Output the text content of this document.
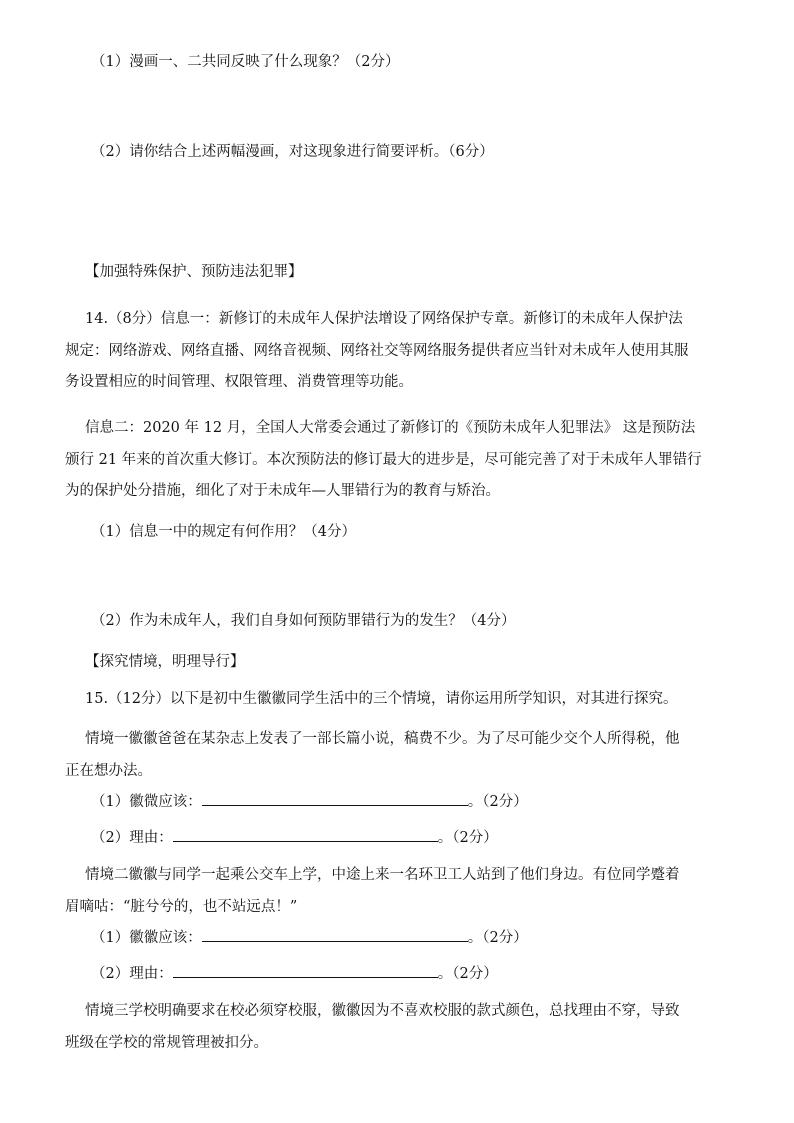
（1）漫画一、二共同反映了什么现象？（2分）
（2）请你结合上述两幅漫画，对这现象进行简要评析。（6分）
【加强特殊保护、预防违法犯罪】
14.（8分）信息一：新修订的未成年人保护法增设了网络保护专章。新修订的未成年人保护法
规定：网络游戏、网络直播、网络音视频、网络社交等网络服务提供者应当针对未成年人使用其服
务设置相应的时间管理、权限管理、消费管理等功能。
信息二：2020 年 12 月，全国人大常委会通过了新修订的《预防未成年人犯罪法》 这是预防法
颁行 21 年来的首次重大修订。本次预防法的修订最大的进步是，尽可能完善了对于未成年人罪错行
为的保护处分措施，细化了对于未成年—人罪错行为的教育与矫治。
（1）信息一中的规定有何作用？（4分）
（2）作为未成年人，我们自身如何预防罪错行为的发生？（4分）
【探究情境，明理导行】
15.（12分）以下是初中生徽徽同学生活中的三个情境，请你运用所学知识，对其进行探究。
情境一徽徽爸爸在某杂志上发表了一部长篇小说，稿费不少。为了尽可能少交个人所得税，他
正在想办法。
（1）徽微应该：	。（2分）
（2）理由：	。（2分）
情境二徽徽与同学一起乘公交车上学，中途上来一名环卫工人站到了他们身边。有位同学蹙着
眉嘀咕：“脏兮兮的，也不站远点！”
（1）徽徽应该：	。（2分）
（2）理由：	。（2分）
情境三学校明确要求在校必须穿校服，徽徽因为不喜欢校服的款式颜色，总找理由不穿，导致
班级在学校的常规管理被扣分。
